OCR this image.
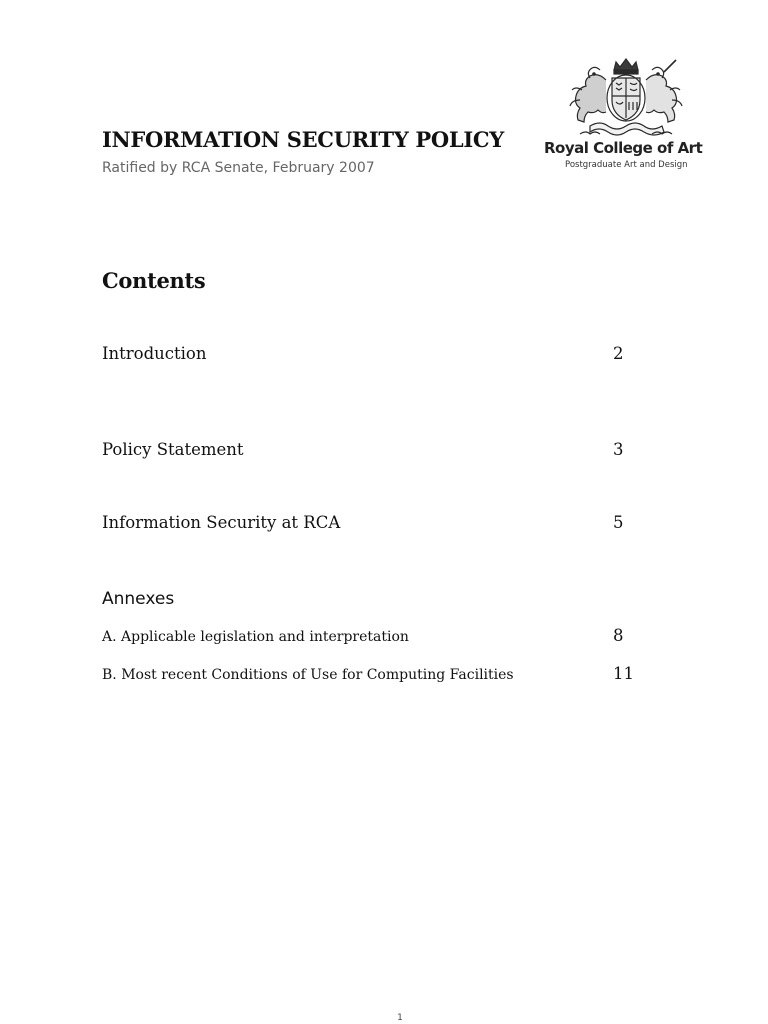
INFORMATION SECURITY POLICY

Ratified by RCA Senate, February 2007

Royal College of Art
Postgraduate Art and Design
Contents
Introduction	2
Policy Statement	3
Information Security at RCA	5
Annexes
A. Applicable legislation and interpretation	8
B. Most recent Conditions of Use for Computing Facilities	11
1
